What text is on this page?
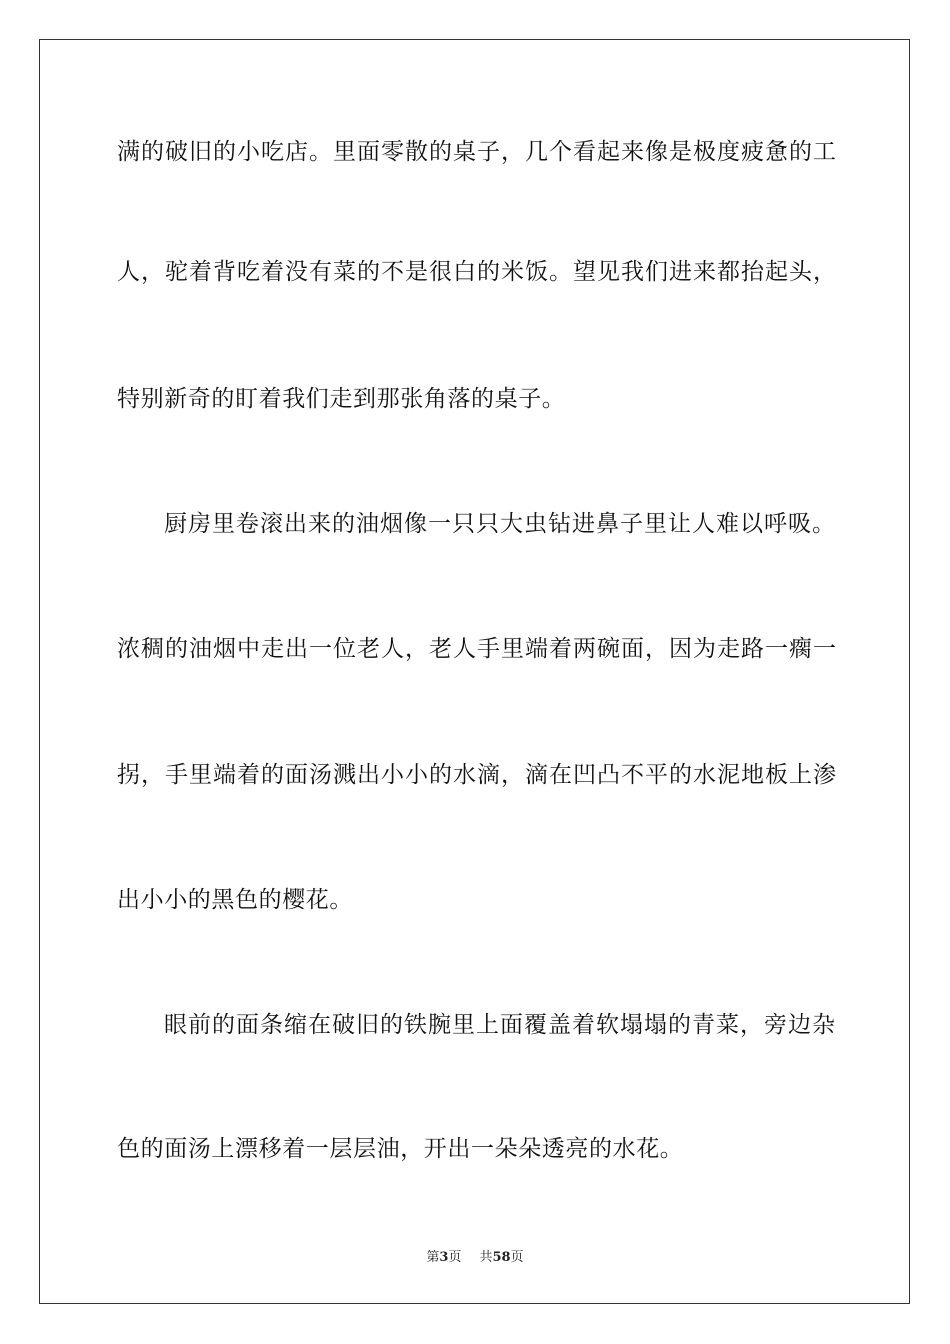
满 的 破 旧 的 小 吃 店 。 里 面 零 散 的 桌 子 ， 几 个 看 起 来 像 是 极 度 疲 惫 的 工
人 ， 驼 着 背 吃 着 没 有 菜 的 不 是 很 白 的 米 饭 。 望 见 我 们 进 来 都 抬 起 头 ，
特别新奇的盯着我们走到那张角落的桌子。
厨 房 里 卷 滚 出 来 的 油 烟 像 一 只 只 大 虫 钻 进 鼻 子 里 让 人 难 以 呼 吸 。
浓 稠 的 油 烟 中 走 出 一 位 老 人 ， 老 人 手 里 端 着 两 碗 面 ， 因 为 走 路 一 瘸 一
拐 ， 手 里 端 着 的 面 汤 溅 出 小 小 的 水 滴 ， 滴 在 凹 凸 不 平 的 水 泥 地 板 上 渗
出小小的黑色的樱花。
眼 前 的 面 条 缩 在 破 旧 的 铁 腕 里 上 面 覆 盖 着 软 塌 塌 的 青 菜 ， 旁 边 杂
色的面汤上漂移着一层层油，开出一朵朵透亮的水花。
第3页 共58页
